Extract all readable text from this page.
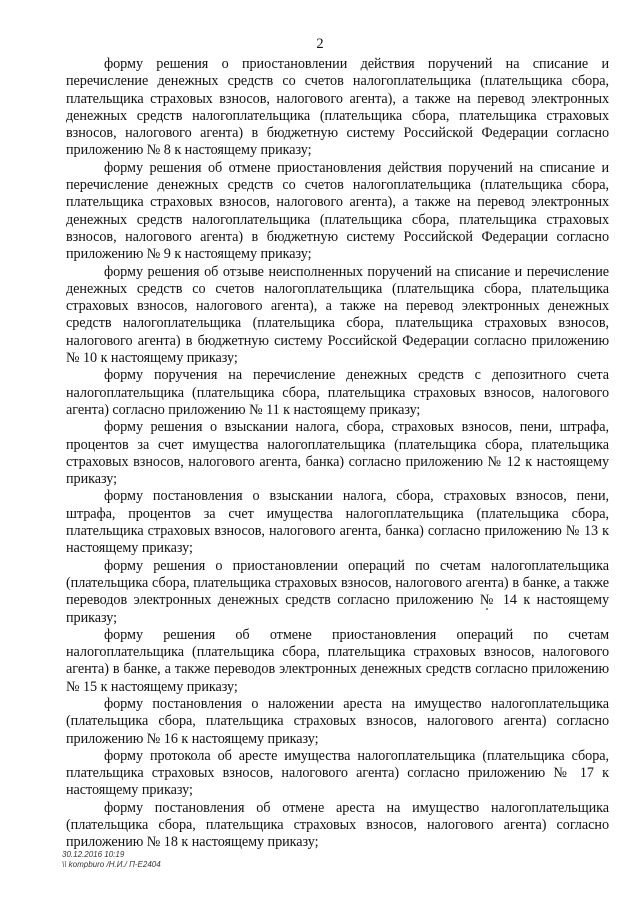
2

форму решения о приостановлении действия поручений на списание и перечисление денежных средств со счетов налогоплательщика (плательщика сбора, плательщика страховых взносов, налогового агента), а также на перевод электронных денежных средств налогоплательщика (плательщика сбора, плательщика страховых взносов, налогового агента) в бюджетную систему Российской Федерации согласно приложению № 8 к настоящему приказу;

форму решения об отмене приостановления действия поручений на списание и перечисление денежных средств со счетов налогоплательщика (плательщика сбора, плательщика страховых взносов, налогового агента), а также на перевод электронных денежных средств налогоплательщика (плательщика сбора, плательщика страховых взносов, налогового агента) в бюджетную систему Российской Федерации согласно приложению № 9 к настоящему приказу;

форму решения об отзыве неисполненных поручений на списание и перечисление денежных средств со счетов налогоплательщика (плательщика сбора, плательщика страховых взносов, налогового агента), а также на перевод электронных денежных средств налогоплательщика (плательщика сбора, плательщика страховых взносов, налогового агента) в бюджетную систему Российской Федерации согласно приложению № 10 к настоящему приказу;

форму поручения на перечисление денежных средств с депозитного счета налогоплательщика (плательщика сбора, плательщика страховых взносов, налогового агента) согласно приложению № 11 к настоящему приказу;

форму решения о взыскании налога, сбора, страховых взносов, пени, штрафа, процентов за счет имущества налогоплательщика (плательщика сбора, плательщика страховых взносов, налогового агента, банка) согласно приложению № 12 к настоящему приказу;

форму постановления о взыскании налога, сбора, страховых взносов, пени, штрафа, процентов за счет имущества налогоплательщика (плательщика сбора, плательщика страховых взносов, налогового агента, банка) согласно приложению № 13 к настоящему приказу;

форму решения о приостановлении операций по счетам налогоплательщика (плательщика сбора, плательщика страховых взносов, налогового агента) в банке, а также переводов электронных денежных средств согласно приложению № 14 к настоящему приказу;

форму решения об отмене приостановления операций по счетам налогоплательщика (плательщика сбора, плательщика страховых взносов, налогового агента) в банке, а также переводов электронных денежных средств согласно приложению № 15 к настоящему приказу;

форму постановления о наложении ареста на имущество налогоплательщика (плательщика сбора, плательщика страховых взносов, налогового агента) согласно приложению № 16 к настоящему приказу;

форму протокола об аресте имущества налогоплательщика (плательщика сбора, плательщика страховых взносов, налогового агента) согласно приложению № 17 к настоящему приказу;

форму постановления об отмене ареста на имущество налогоплательщика (плательщика сбора, плательщика страховых взносов, налогового агента) согласно приложению № 18 к настоящему приказу;

30.12.2016 10:19
\\ kompburo /Н.И./ П-Е2404
